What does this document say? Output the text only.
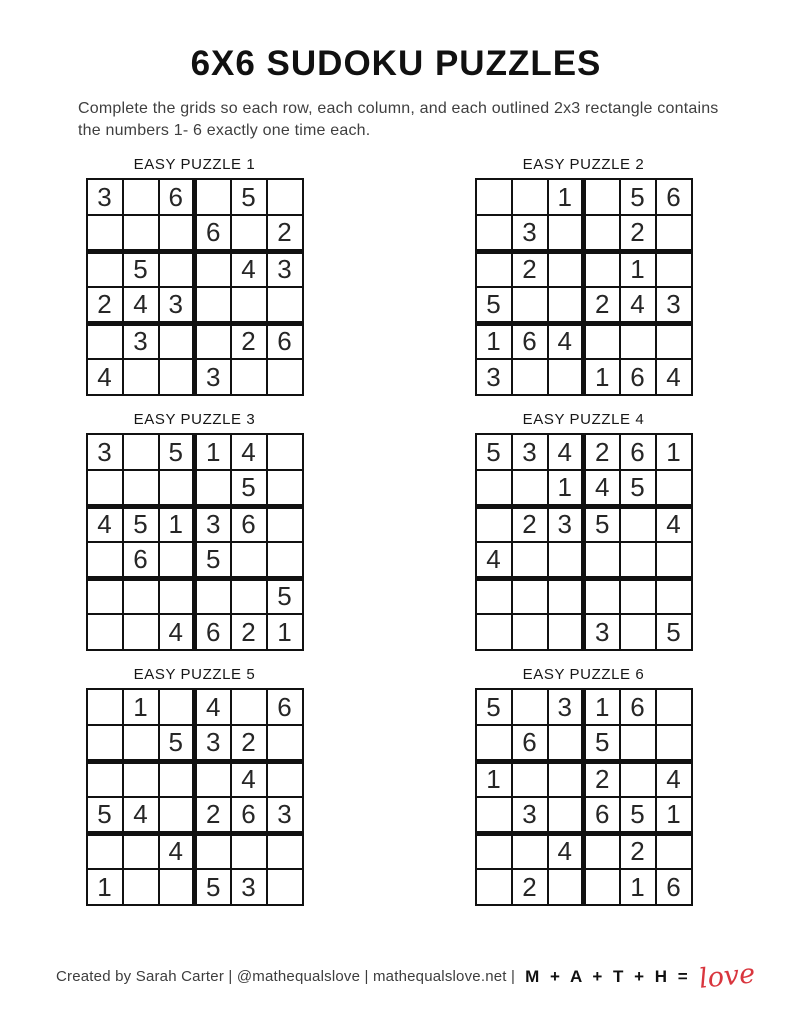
6X6 SUDOKU PUZZLES

Complete the grids so each row, each column, and each outlined 2x3 rectangle contains the numbers 1- 6 exactly one time each.

EASY PUZZLE 1
3		6		5	
			6		2
	5			4	3
2	4	3			
	3			2	6
4			3		
EASY PUZZLE 2
		1		5	6
	3			2	
	2			1	
5			2	4	3
1	6	4			
3			1	6	4
EASY PUZZLE 3
3		5	1	4	
				5	
4	5	1	3	6	
	6		5		
					5
		4	6	2	1
EASY PUZZLE 4
5	3	4	2	6	1
		1	4	5	
	2	3	5		4
4					

			3		5
EASY PUZZLE 5
	1		4		6
		5	3	2	
				4	
5	4		2	6	3
		4			
1			5	3	
EASY PUZZLE 6
5		3	1	6	
	6		5		
1			2		4
	3		6	5	1
		4		2	
	2			1	6
Created by Sarah Carter | @mathequalslove | mathequalslove.net | M + A + T + H = love
